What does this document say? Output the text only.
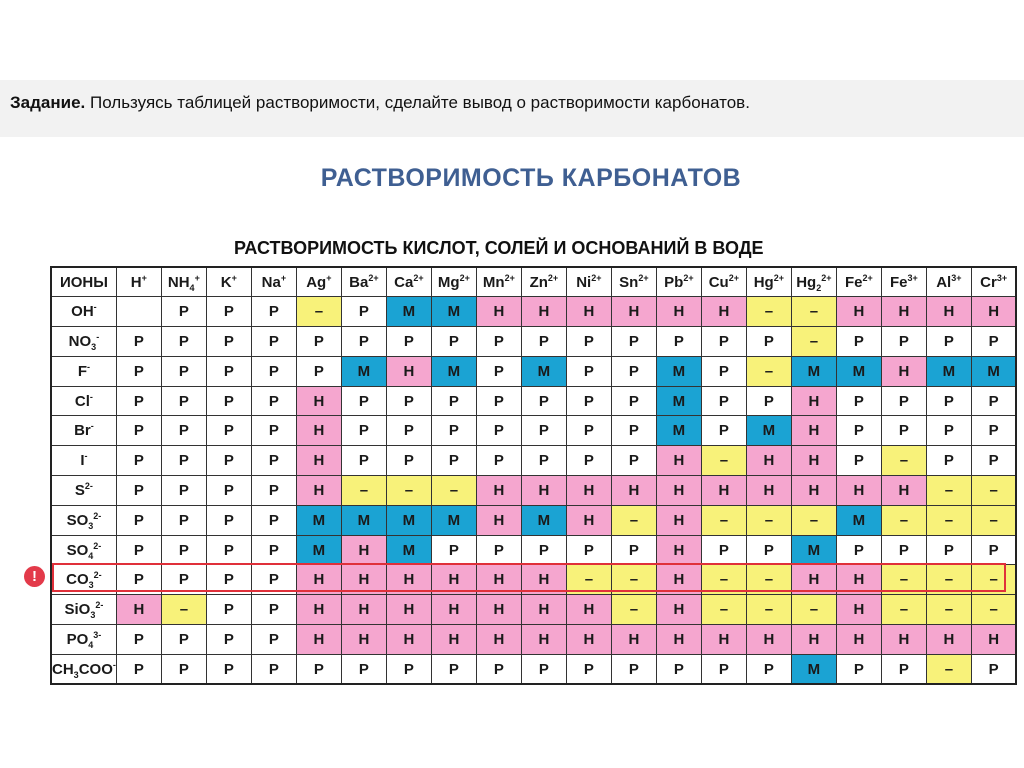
Задание. Пользуясь таблицей растворимости, сделайте вывод о растворимости карбонатов.
РАСТВОРИМОСТЬ КАРБОНАТОВ
РАСТВОРИМОСТЬ КИСЛОТ, СОЛЕЙ И ОСНОВАНИЙ В ВОДЕ
ИОНЫ	H+	$NH_4^+$	K+	Na+	Ag+	$Ba^{2+}$	$Ca^{2+}$	$Mg^{2+}$	$Mn^{2+}$	$Zn^{2+}$	$Ni^{2+}$	$Sn^{2+}$	$Pb^{2+}$	$Cu^{2+}$	$Hg^{2+}$	$Hg_2^{2+}$	$Fe^{2+}$	$Fe^{3+}$	$Al^{3+}$	$Cr^{3+}$
OH-		P	P	P	–	P	M	M	H	H	H	H	H	H	–	–	H	H	H	H
$NO_3^-$	P	P	P	P	P	P	P	P	P	P	P	P	P	P	P	–	P	P	P	P
F-	P	P	P	P	P	M	H	M	P	M	P	P	M	P	–	M	M	H	M	M
Cl-	P	P	P	P	H	P	P	P	P	P	P	P	M	P	P	H	P	P	P	P
Br-	P	P	P	P	H	P	P	P	P	P	P	P	M	P	M	H	P	P	P	P
I-	P	P	P	P	H	P	P	P	P	P	P	P	H	–	H	H	P	–	P	P
$S^{2-}$	P	P	P	P	H	–	–	–	H	H	H	H	H	H	H	H	H	H	–	–
$SO_3^{2-}$	P	P	P	P	M	M	M	M	H	M	H	–	H	–	–	–	M	–	–	–
$SO_4^{2-}$	P	P	P	P	M	H	M	P	P	P	P	P	H	P	P	M	P	P	P	P
$CO_3^{2-}$	P	P	P	P	H	H	H	H	H	H	–	–	H	–	–	H	H	–	–	–
SiO$_3^{2-}$	H	–	P	P	H	H	H	H	H	H	H	–	H	–	–	–	H	–	–	–
$PO_4^{3-}$	P	P	P	P	H	H	H	H	H	H	H	H	H	H	H	H	H	H	H	H
$CH_3COO^-$	P	P	P	P	P	P	P	P	P	P	P	P	P	P	P	M	P	P	–	P
!
